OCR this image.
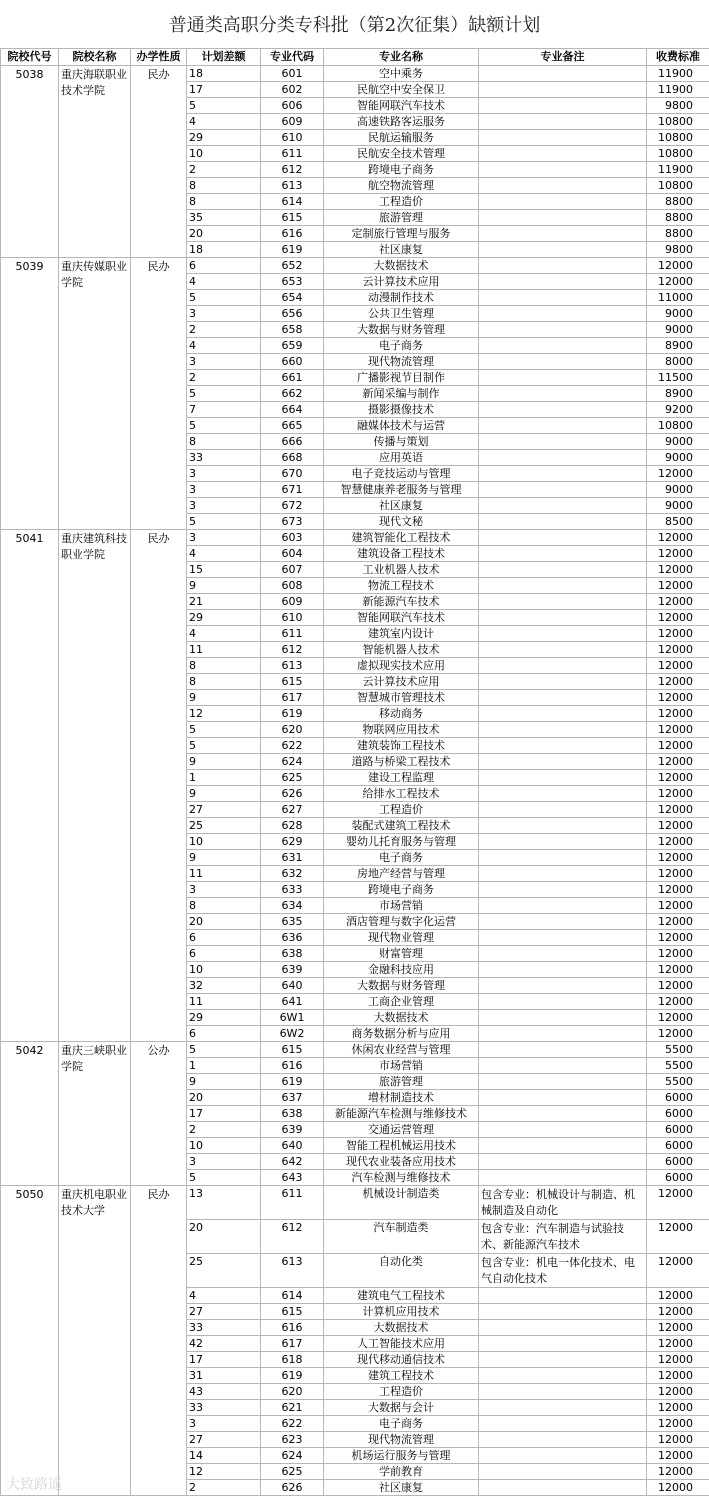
普通类高职分类专科批（第2次征集）缺额计划
院校代号	院校名称	办学性质	计划差额	专业代码	专业名称	专业备注	收费标准
5038	重庆海联职业技术学院	民办	18	601	空中乘务		11900
			17	602	民航空中安全保卫		11900
			5	606	智能网联汽车技术		9800
			4	609	高速铁路客运服务		10800
			29	610	民航运输服务		10800
			10	611	民航安全技术管理		10800
			2	612	跨境电子商务		11900
			8	613	航空物流管理		10800
			8	614	工程造价		8800
			35	615	旅游管理		8800
			20	616	定制旅行管理与服务		8800
			18	619	社区康复		9800
5039	重庆传媒职业学院	民办	6	652	大数据技术		12000
			4	653	云计算技术应用		12000
			5	654	动漫制作技术		11000
			3	656	公共卫生管理		9000
			2	658	大数据与财务管理		9000
			4	659	电子商务		8900
			3	660	现代物流管理		8000
			2	661	广播影视节目制作		11500
			5	662	新闻采编与制作		8900
			7	664	摄影摄像技术		9200
			5	665	融媒体技术与运营		10800
			8	666	传播与策划		9000
			33	668	应用英语		9000
			3	670	电子竞技运动与管理		12000
			3	671	智慧健康养老服务与管理		9000
			3	672	社区康复		9000
			5	673	现代文秘		8500
5041	重庆建筑科技职业学院	民办	3	603	建筑智能化工程技术		12000
			4	604	建筑设备工程技术		12000
			15	607	工业机器人技术		12000
			9	608	物流工程技术		12000
			21	609	新能源汽车技术		12000
			29	610	智能网联汽车技术		12000
			4	611	建筑室内设计		12000
			11	612	智能机器人技术		12000
			8	613	虚拟现实技术应用		12000
			8	615	云计算技术应用		12000
			9	617	智慧城市管理技术		12000
			12	619	移动商务		12000
			5	620	物联网应用技术		12000
			5	622	建筑装饰工程技术		12000
			9	624	道路与桥梁工程技术		12000
			1	625	建设工程监理		12000
			9	626	给排水工程技术		12000
			27	627	工程造价		12000
			25	628	装配式建筑工程技术		12000
			10	629	婴幼儿托育服务与管理		12000
			9	631	电子商务		12000
			11	632	房地产经营与管理		12000
			3	633	跨境电子商务		12000
			8	634	市场营销		12000
			20	635	酒店管理与数字化运营		12000
			6	636	现代物业管理		12000
			6	638	财富管理		12000
			10	639	金融科技应用		12000
			32	640	大数据与财务管理		12000
			11	641	工商企业管理		12000
			29	6W1	大数据技术		12000
			6	6W2	商务数据分析与应用		12000
5042	重庆三峡职业学院	公办	5	615	休闲农业经营与管理		5500
			1	616	市场营销		5500
			9	619	旅游管理		5500
			20	637	增材制造技术		6000
			17	638	新能源汽车检测与维修技术		6000
			2	639	交通运营管理		6000
			10	640	智能工程机械运用技术		6000
			3	642	现代农业装备应用技术		6000
			5	643	汽车检测与维修技术		6000
5050	重庆机电职业技术大学	民办	13	611	机械设计制造类	包含专业：机械设计与制造、机械制造及自动化	12000
			20	612	汽车制造类	包含专业：汽车制造与试验技术、新能源汽车技术	12000
			25	613	自动化类	包含专业：机电一体化技术、电气自动化技术	12000
			4	614	建筑电气工程技术		12000
			27	615	计算机应用技术		12000
			33	616	大数据技术		12000
			42	617	人工智能技术应用		12000
			17	618	现代移动通信技术		12000
			31	619	建筑工程技术		12000
			43	620	工程造价		12000
			33	621	大数据与会计		12000
			3	622	电子商务		12000
			27	623	现代物流管理		12000
			14	624	机场运行服务与管理		12000
			12	625	学前教育		12000
			2	626	社区康复		12000
大致路遥
